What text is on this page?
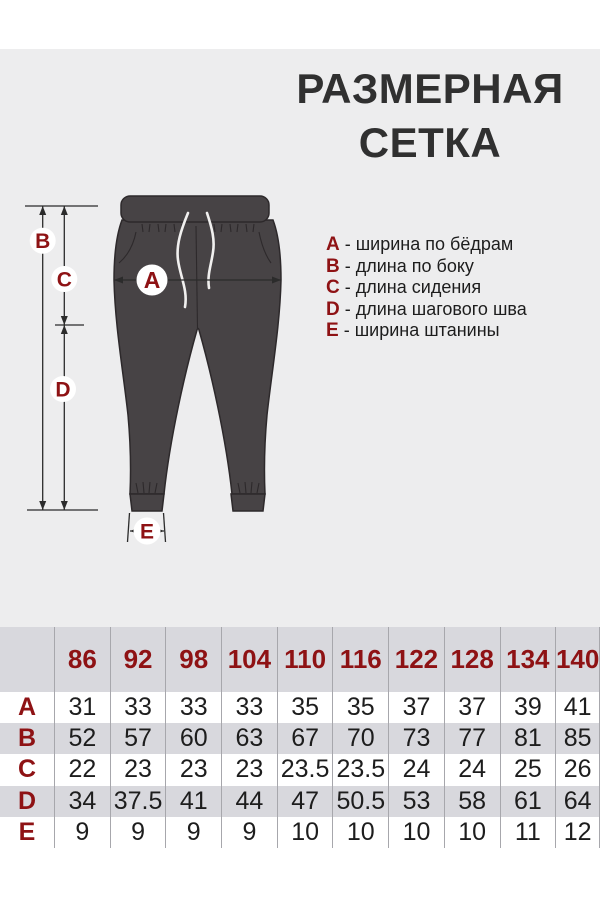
РАЗМЕРНАЯ
СЕТКА
B
C
D
A
E
A - ширина по бёдрам
B - длина по боку
C - длина сидения
D - длина шагового шва
E - ширина штанины
86	92	98 104 110 116 122 128 134 140
A	31	33	33	33	35	35	37	37	39 41
B	52	57	60	63	67	70	73	77	81 85
C	22	23	23	23 23.5 23.5 24	24	25 26
D	34 37.5 41	44	47 50.5 53	58	61 64
E	9	9	9	9	10	10	10	10	11 12
